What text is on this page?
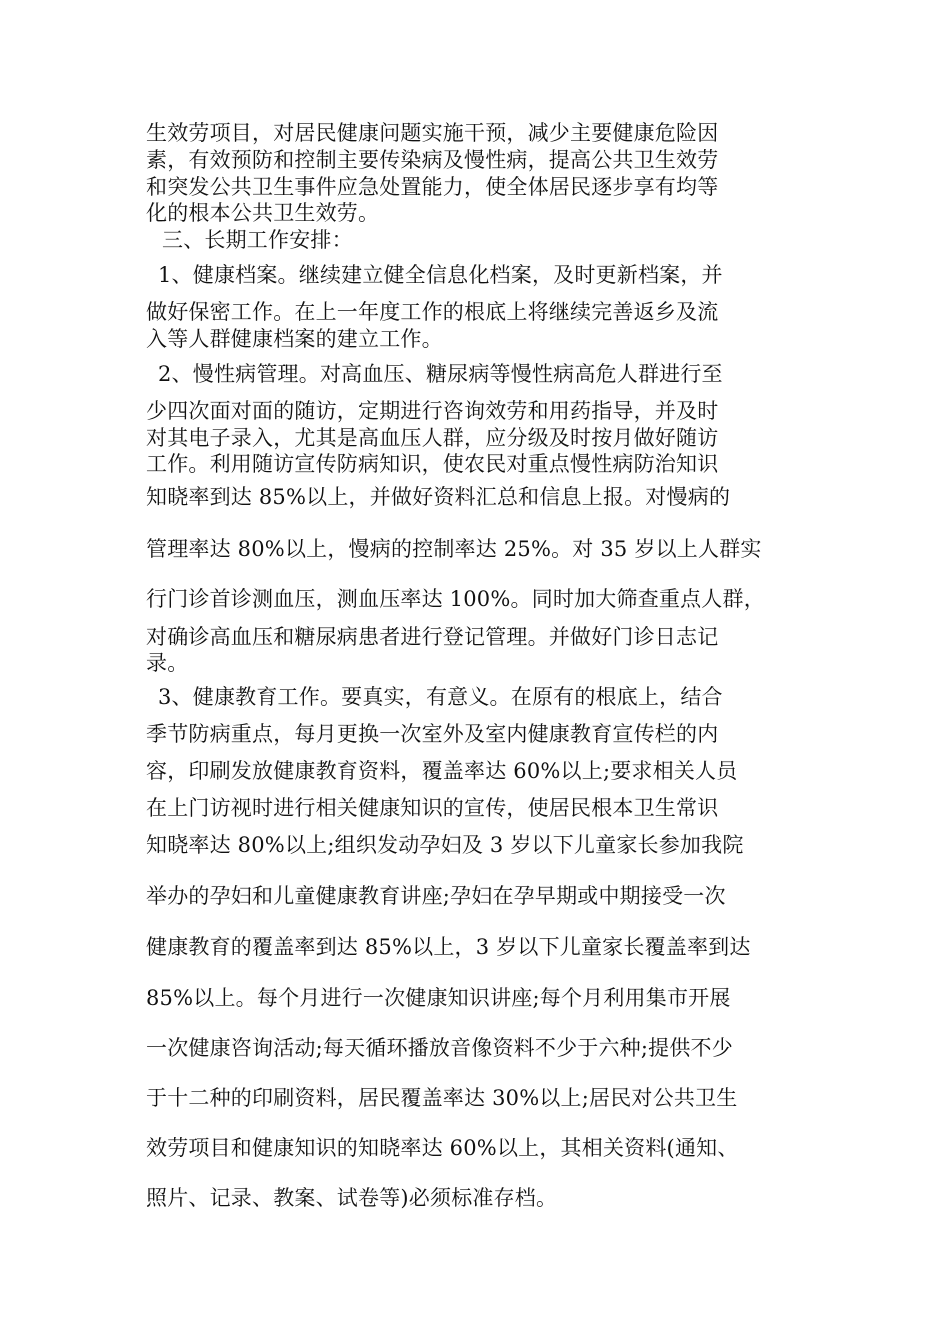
生效劳项目，对居民健康问题实施干预，减少主要健康危险因
素，有效预防和控制主要传染病及慢性病，提高公共卫生效劳
和突发公共卫生事件应急处置能力，使全体居民逐步享有均等
化的根本公共卫生效劳。
三、长期工作安排：
1、健康档案。继续建立健全信息化档案，及时更新档案，并
做好保密工作。在上一年度工作的根底上将继续完善返乡及流
入等人群健康档案的建立工作。
2、慢性病管理。对高血压、糖尿病等慢性病高危人群进行至
少四次面对面的随访，定期进行咨询效劳和用药指导，并及时
对其电子录入，尤其是高血压人群，应分级及时按月做好随访
工作。利用随访宣传防病知识，使农民对重点慢性病防治知识
知晓率到达 85%以上，并做好资料汇总和信息上报。对慢病的
管理率达 80%以上，慢病的控制率达 25%。对 35 岁以上人群实
行门诊首诊测血压，测血压率达 100%。同时加大筛查重点人群，
对确诊高血压和糖尿病患者进行登记管理。并做好门诊日志记
录。
3、健康教育工作。要真实，有意义。在原有的根底上，结合
季节防病重点，每月更换一次室外及室内健康教育宣传栏的内
容，印刷发放健康教育资料，覆盖率达 60%以上;要求相关人员
在上门访视时进行相关健康知识的宣传，使居民根本卫生常识
知晓率达 80%以上;组织发动孕妇及 3 岁以下儿童家长参加我院
举办的孕妇和儿童健康教育讲座;孕妇在孕早期或中期接受一次
健康教育的覆盖率到达 85%以上，3 岁以下儿童家长覆盖率到达
85%以上。每个月进行一次健康知识讲座;每个月利用集市开展
一次健康咨询活动;每天循环播放音像资料不少于六种;提供不少
于十二种的印刷资料，居民覆盖率达 30%以上;居民对公共卫生
效劳项目和健康知识的知晓率达 60%以上，其相关资料(通知、
照片、记录、教案、试卷等)必须标准存档。
